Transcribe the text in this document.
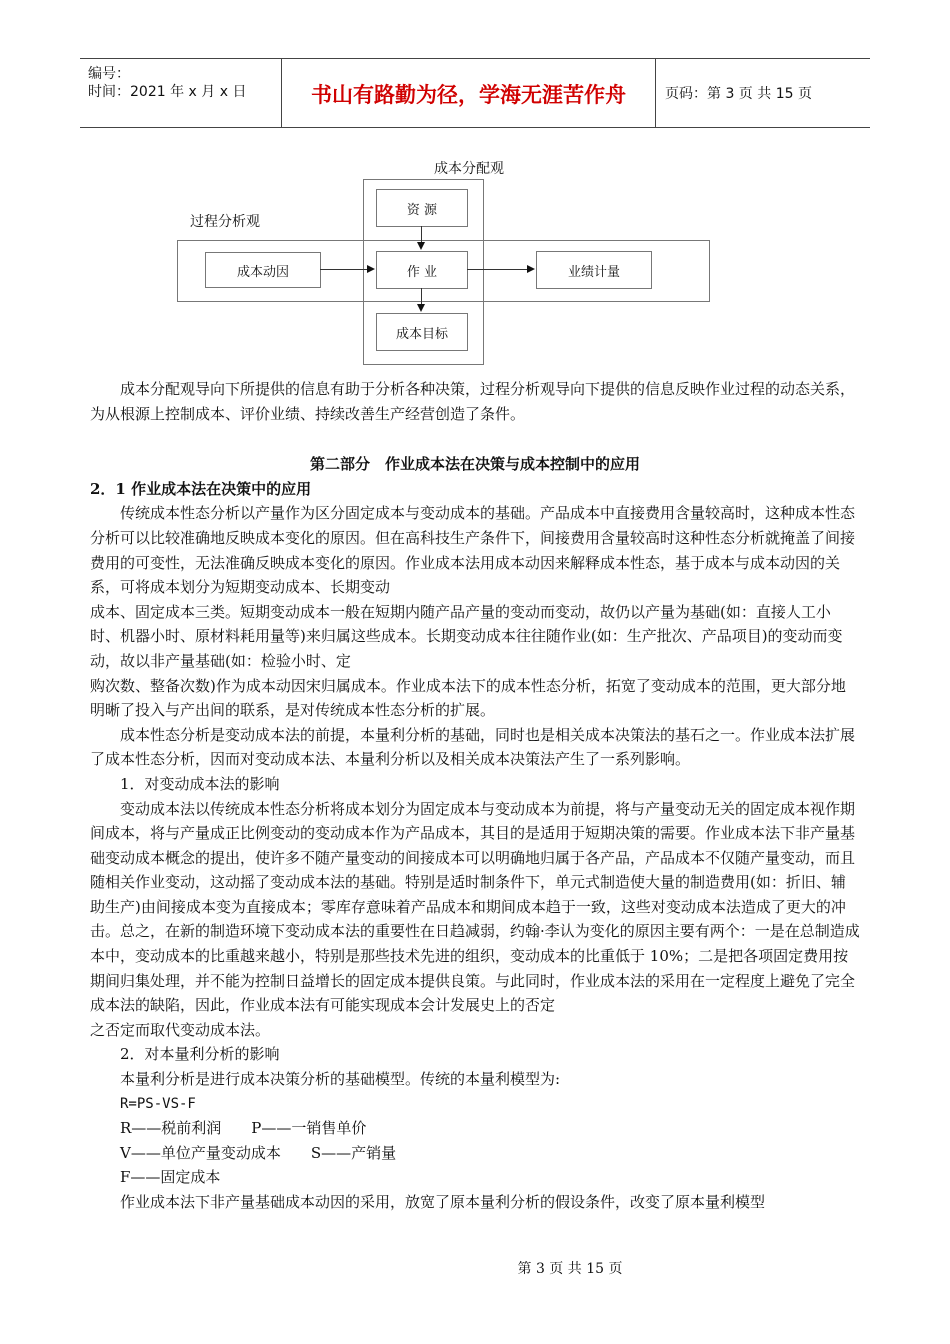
编号：
时间：2021 年 x 月 x 日	书山有路勤为径，学海无涯苦作舟	页码：第 3 页 共 15 页
成本分配观
过程分析观
资 源
成本动因	作 业	业绩计量
成本目标

成本分配观导向下所提供的信息有助于分析各种决策，过程分析观导向下提供的信息反映作业过程的动态关系，为从根源上控制成本、评价业绩、持续改善生产经营创造了条件。

第二部分　作业成本法在决策与成本控制中的应用

2．1 作业成本法在决策中的应用

传统成本性态分析以产量作为区分固定成本与变动成本的基础。产品成本中直接费用含量较高时，这种成本性态分析可以比较准确地反映成本变化的原因。但在高科技生产条件下，间接费用含量较高时这种性态分析就掩盖了间接费用的可变性，无法准确反映成本变化的原因。作业成本法用成本动因来解释成本性态，基于成本与成本动因的关系，可将成本划分为短期变动成本、长期变动

成本、固定成本三类。短期变动成本一般在短期内随产品产量的变动而变动，故仍以产量为基础(如：直接人工小时、机器小时、原材料耗用量等)来归属这些成本。长期变动成本往往随作业(如：生产批次、产品项目)的变动而变动，故以非产量基础(如：检验小时、定

购次数、整备次数)作为成本动因宋归属成本。作业成本法下的成本性态分析，拓宽了变动成本的范围，更大部分地明晰了投入与产出间的联系，是对传统成本性态分析的扩展。

成本性态分析是变动成本法的前提，本量利分析的基础，同时也是相关成本决策法的基石之一。作业成本法扩展了成本性态分析，因而对变动成本法、本量利分析以及相关成本决策法产生了一系列影响。

1．对变动成本法的影响

变动成本法以传统成本性态分析将成本划分为固定成本与变动成本为前提，将与产量变动无关的固定成本视作期间成本，将与产量成正比例变动的变动成本作为产品成本，其目的是适用于短期决策的需要。作业成本法下非产量基础变动成本概念的提出，使许多不随产量变动的间接成本可以明确地归属于各产品，产品成本不仅随产量变动，而且随相关作业变动，这动摇了变动成本法的基础。特别是适时制条件下，单元式制造使大量的制造费用(如：折旧、辅助生产)由间接成本变为直接成本；零库存意味着产品成本和期间成本趋于一致，这些对变动成本法造成了更大的冲击。总之，在新的制造环境下变动成本法的重要性在日趋减弱，约翰·李认为变化的原因主要有两个：一是在总制造成本中，变动成本的比重越来越小，特别是那些技术先进的组织，变动成本的比重低于 10%；二是把各项固定费用按期间归集处理，并不能为控制日益增长的固定成本提供良策。与此同时，作业成本法的采用在一定程度上避免了完全成本法的缺陷，因此，作业成本法有可能实现成本会计发展史上的否定

之否定而取代变动成本法。

2．对本量利分析的影响

本量利分析是进行成本决策分析的基础模型。传统的本量利模型为:

R=PS-VS-F

R——税前利润　　P——一销售单价

V——单位产量变动成本　　S——产销量

F——固定成本

作业成本法下非产量基础成本动因的采用，放宽了原本量利分析的假设条件，改变了原本量利模型

第 3 页 共 15 页
